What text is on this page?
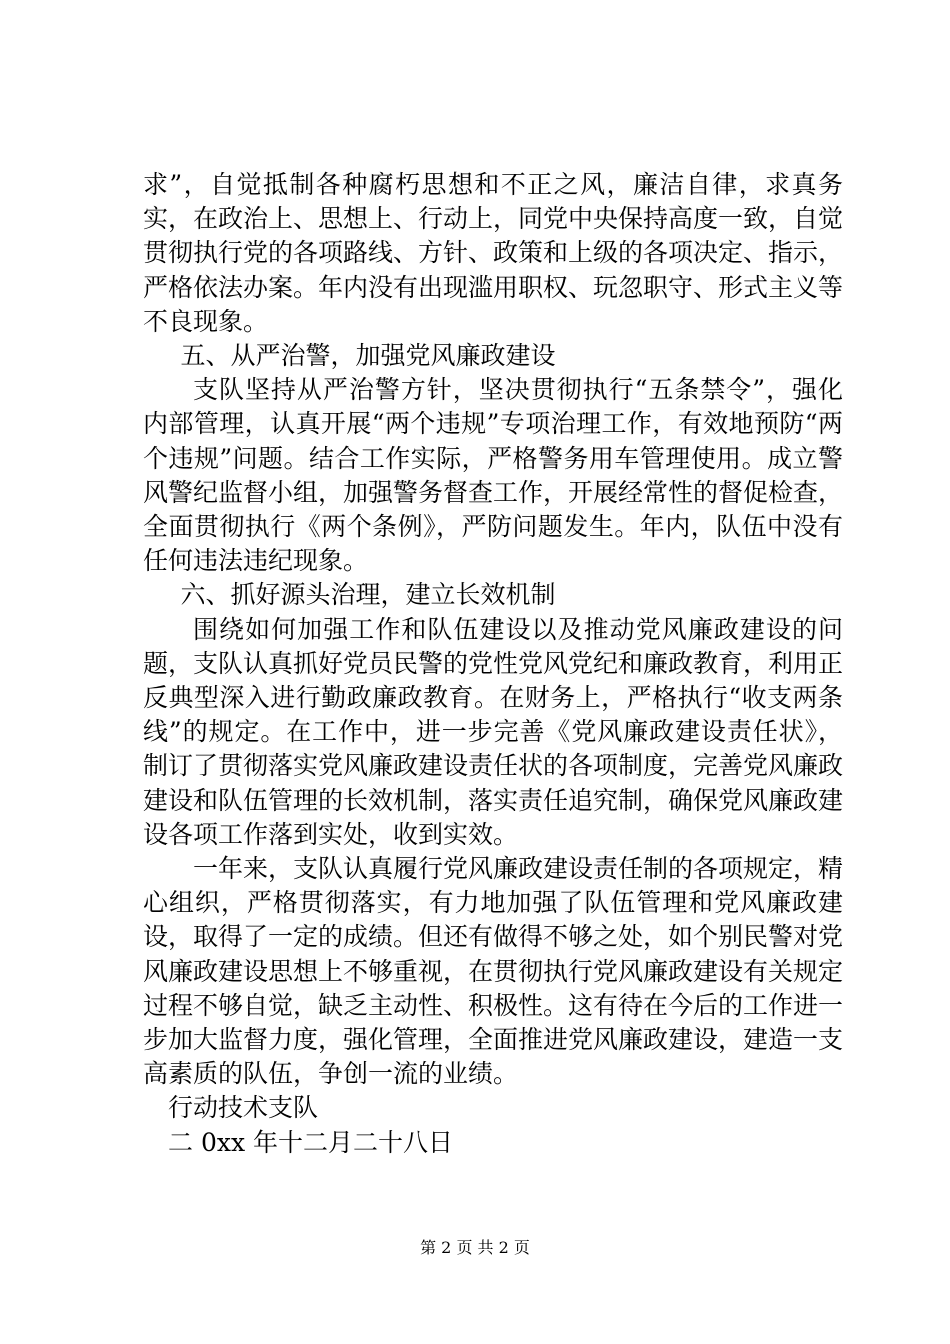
求”，自觉抵制各种腐朽思想和不正之风，廉洁自律，求真务实，在政治上、思想上、行动上，同党中央保持高度一致，自觉贯彻执行党的各项路线、方针、政策和上级的各项决定、指示，严格依法办案。年内没有出现滥用职权、玩忽职守、形式主义等不良现象。

五、从严治警，加强党风廉政建设

支队坚持从严治警方针，坚决贯彻执行“五条禁令”，强化内部管理，认真开展“两个违规”专项治理工作，有效地预防“两个违规”问题。结合工作实际，严格警务用车管理使用。成立警风警纪监督小组，加强警务督查工作，开展经常性的督促检查，全面贯彻执行《两个条例》，严防问题发生。年内，队伍中没有任何违法违纪现象。

六、抓好源头治理，建立长效机制

围绕如何加强工作和队伍建设以及推动党风廉政建设的问题，支队认真抓好党员民警的党性党风党纪和廉政教育，利用正反典型深入进行勤政廉政教育。在财务上，严格执行“收支两条线”的规定。在工作中，进一步完善《党风廉政建设责任状》，制订了贯彻落实党风廉政建设责任状的各项制度，完善党风廉政建设和队伍管理的长效机制，落实责任追究制，确保党风廉政建设各项工作落到实处，收到实效。

一年来，支队认真履行党风廉政建设责任制的各项规定，精心组织，严格贯彻落实，有力地加强了队伍管理和党风廉政建设，取得了一定的成绩。但还有做得不够之处，如个别民警对党风廉政建设思想上不够重视，在贯彻执行党风廉政建设有关规定过程不够自觉，缺乏主动性、积极性。这有待在今后的工作进一步加大监督力度，强化管理，全面推进党风廉政建设，建造一支高素质的队伍，争创一流的业绩。

行动技术支队

二 0xx 年十二月二十八日

第 2 页 共 2 页
